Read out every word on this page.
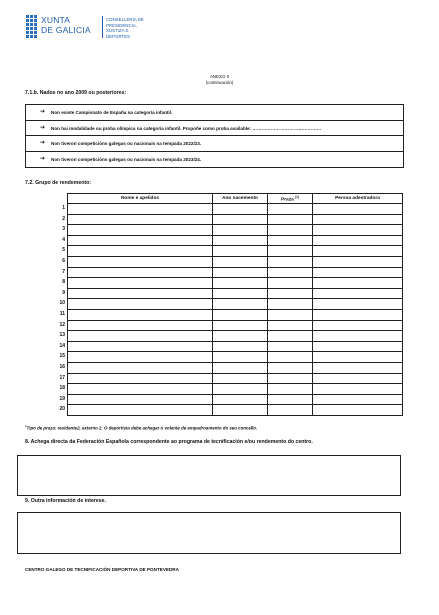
XUNTA
DE GALICIA
CONSELLERÍA DE PRESIDENCIA,
XUSTIZA E DEPORTES
ANEXO II
(continuación)
7.1.b. Nados no ano 2009 ou posteriores:
➔ Non existe Campionato de España na categoría infantil.
➔ Non hai modalidade ou proba olímpica na categoría infantil. Propoñe como proba available: ………………………………………
➔ Non tiveron competicións galegas ou nacionais na tempada 2022/23.
➔ Non tiveron competicións galegas ou nacionais na tempada 2023/24.
7.2. Grupo de rendemento:
Nome e apelidos	Ano nacemento	Praza $^{(1)}$	Persoa adestradora

1
2
3
4
5
6
7
8
9
10
11
12
13
14
15
16
17
18
19
20
$^1$Tipo de praza: residente2, externo 2. O deportista debe achegar o volante de empadroamento do seu concello.
8. Achega directa da Federación Española correspondente ao programa de tecnificación e/ou rendemento do centro.
9. Outra información de interese.
CENTRO GALEGO DE TECNIFICACIÓN DEPORTIVA DE PONTEVEDRA
